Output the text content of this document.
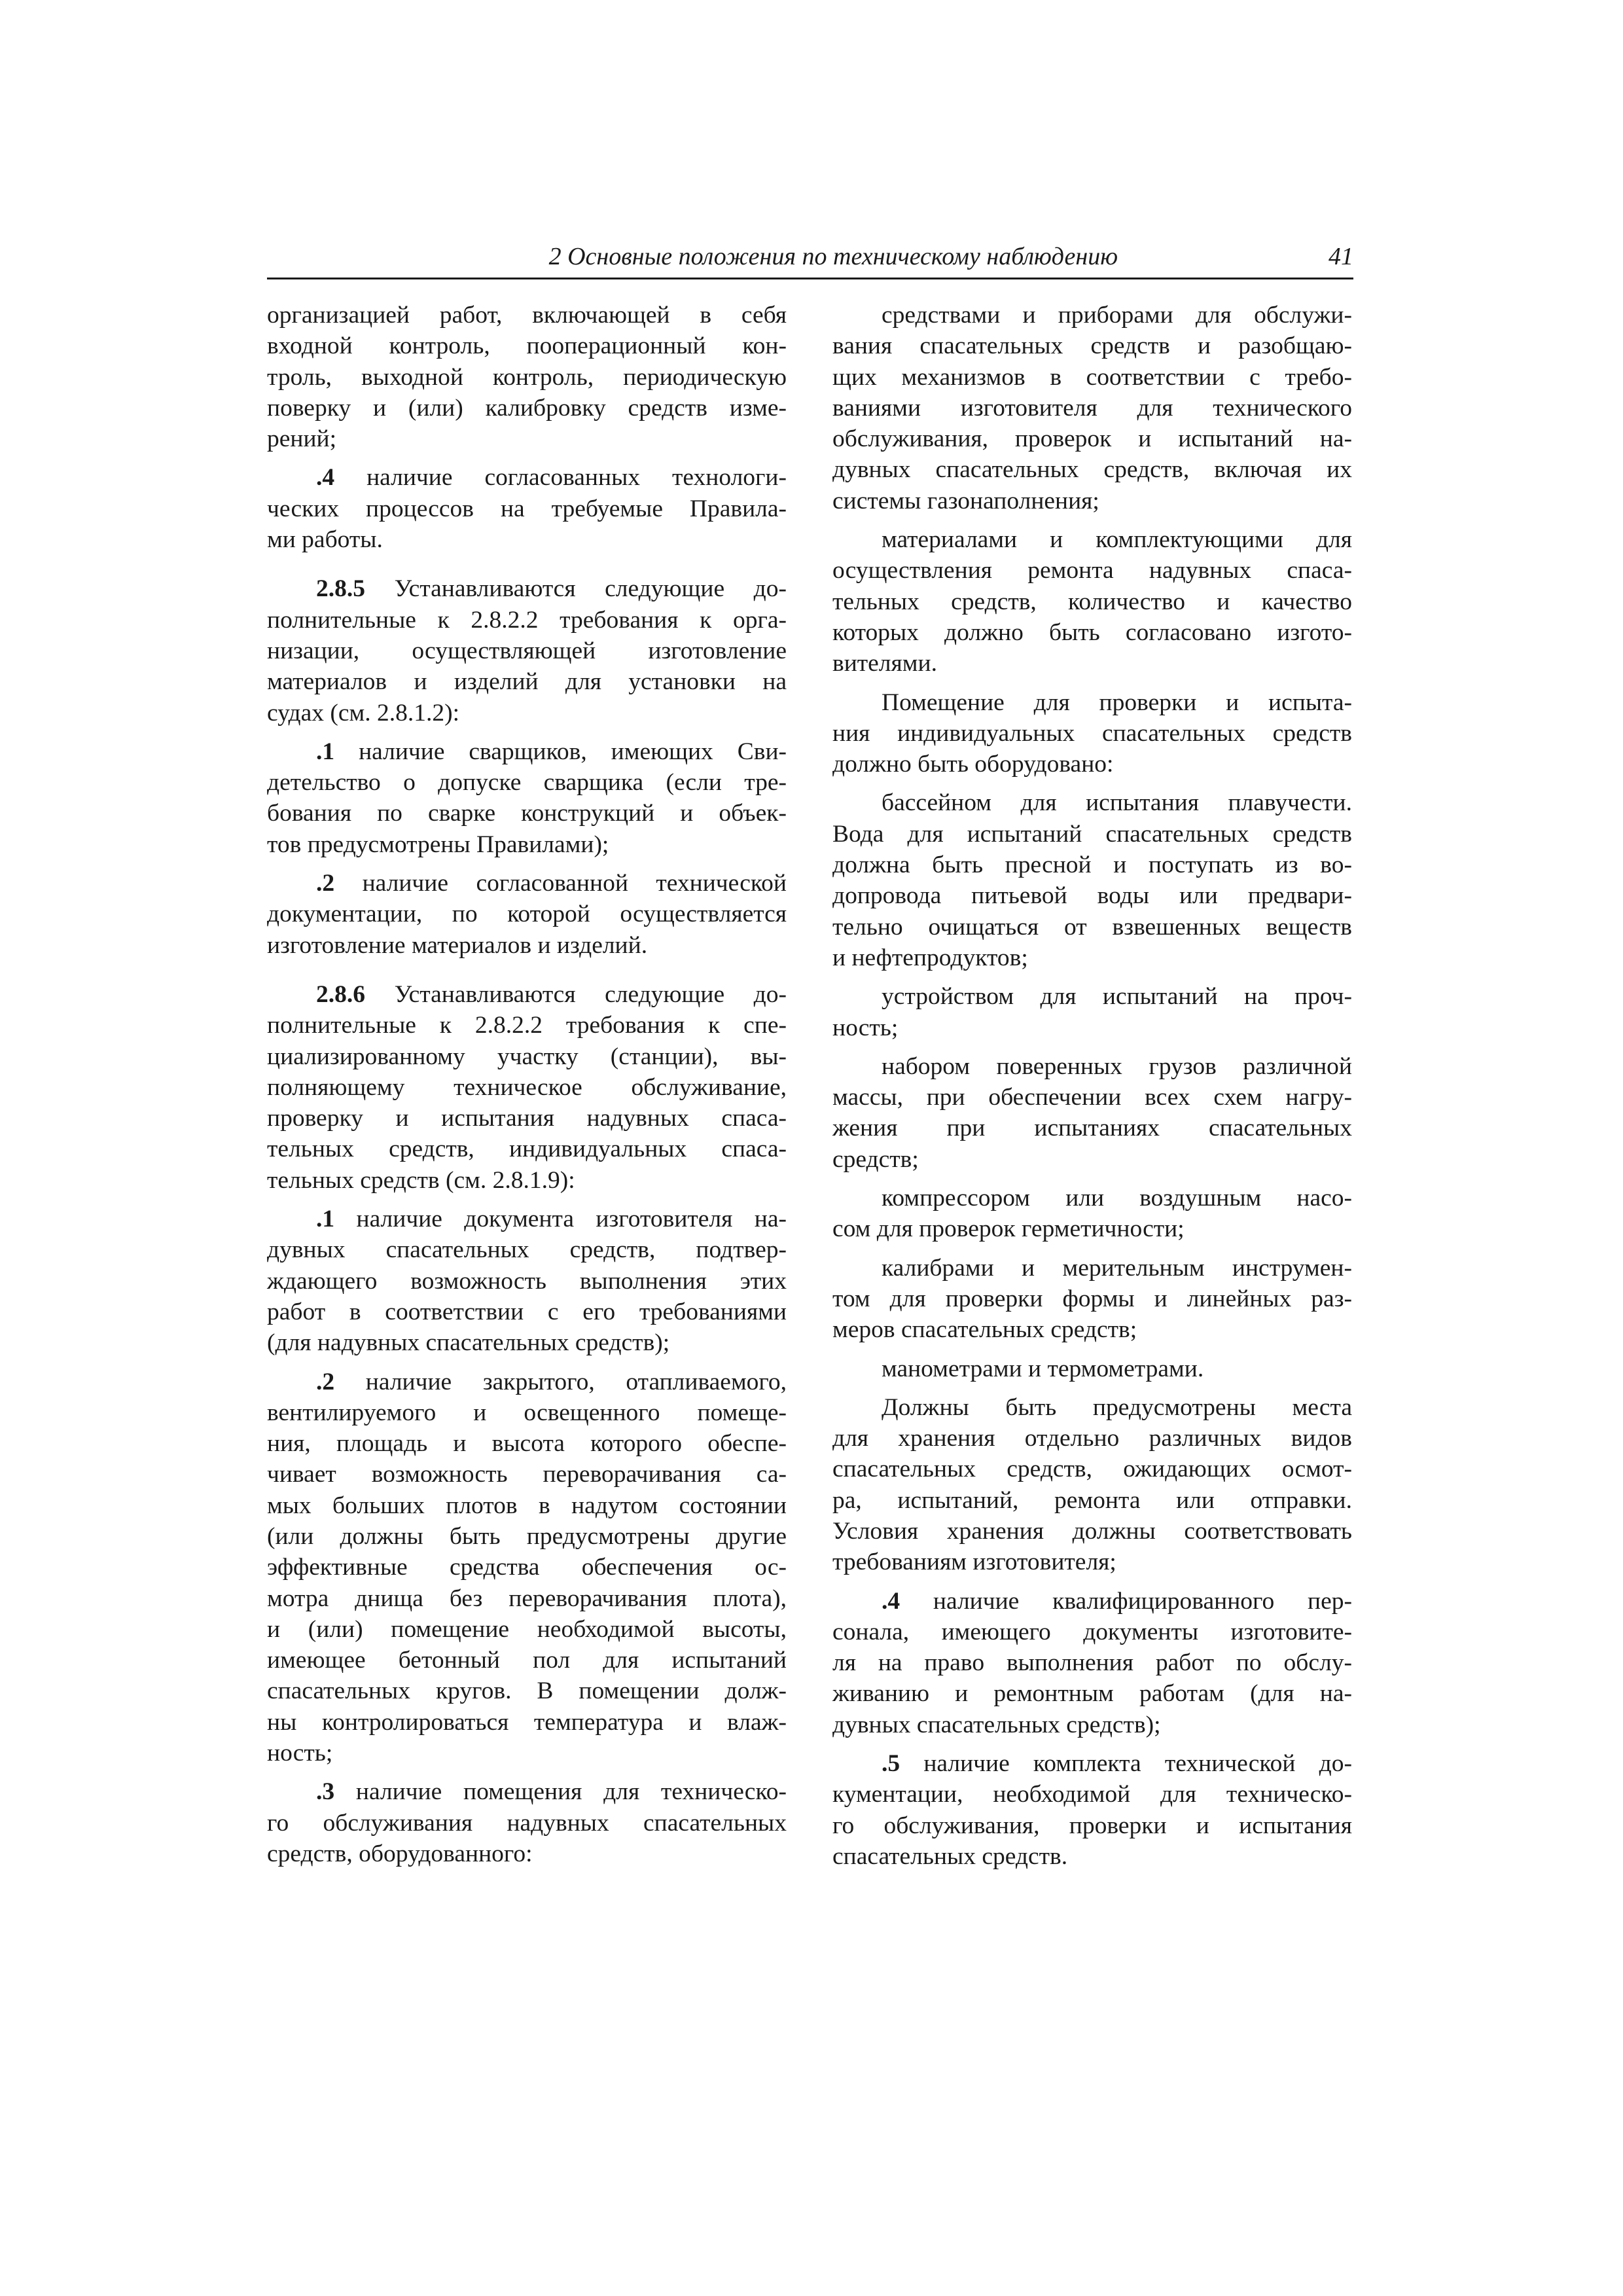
2 Основные положения по техническому наблюдению	41
организацией работ, включающей в себя
входной контроль, пооперационный кон-
троль, выходной контроль, периодическую
поверку и (или) калибровку средств изме-
рений;
.4 наличие согласованных технологи-
ческих процессов на требуемые Правила-
ми работы.
2.8.5 Устанавливаются следующие до-
полнительные к 2.8.2.2 требования к орга-
низации, осуществляющей изготовление
материалов и изделий для установки на
судах (см. 2.8.1.2):
.1 наличие сварщиков, имеющих Сви-
детельство о допуске сварщика (если тре-
бования по сварке конструкций и объек-
тов предусмотрены Правилами);
.2 наличие согласованной технической
документации, по которой осуществляется
изготовление материалов и изделий.
2.8.6 Устанавливаются следующие до-
полнительные к 2.8.2.2 требования к спе-
циализированному участку (станции), вы-
полняющему техническое обслуживание,
проверку и испытания надувных спаса-
тельных средств, индивидуальных спаса-
тельных средств (см. 2.8.1.9):
.1 наличие документа изготовителя на-
дувных спасательных средств, подтвер-
ждающего возможность выполнения этих
работ в соответствии с его требованиями
(для надувных спасательных средств);
.2 наличие закрытого, отапливаемого,
вентилируемого и освещенного помеще-
ния, площадь и высота которого обеспе-
чивает возможность переворачивания са-
мых больших плотов в надутом состоянии
(или должны быть предусмотрены другие
эффективные средства обеспечения ос-
мотра днища без переворачивания плота),
и (или) помещение необходимой высоты,
имеющее бетонный пол для испытаний
спасательных кругов. В помещении долж-
ны контролироваться температура и влаж-
ность;
.3 наличие помещения для техническо-
го обслуживания надувных спасательных
средств, оборудованного:
средствами и приборами для обслужи-
вания спасательных средств и разобщаю-
щих механизмов в соответствии с требо-
ваниями изготовителя для технического
обслуживания, проверок и испытаний на-
дувных спасательных средств, включая их
системы газонаполнения;
материалами и комплектующими для
осуществления ремонта надувных спаса-
тельных средств, количество и качество
которых должно быть согласовано изгото-
вителями.
Помещение для проверки и испыта-
ния индивидуальных спасательных средств
должно быть оборудовано:
бассейном для испытания плавучести.
Вода для испытаний спасательных средств
должна быть пресной и поступать из во-
допровода питьевой воды или предвари-
тельно очищаться от взвешенных веществ
и нефтепродуктов;
устройством для испытаний на проч-
ность;
набором поверенных грузов различной
массы, при обеспечении всех схем нагру-
жения при испытаниях спасательных
средств;
компрессором или воздушным насо-
сом для проверок герметичности;
калибрами и мерительным инструмен-
том для проверки формы и линейных раз-
меров спасательных средств;
манометрами и термометрами.
Должны быть предусмотрены места
для хранения отдельно различных видов
спасательных средств, ожидающих осмот-
ра, испытаний, ремонта или отправки.
Условия хранения должны соответствовать
требованиям изготовителя;
.4 наличие квалифицированного пер-
сонала, имеющего документы изготовите-
ля на право выполнения работ по обслу-
живанию и ремонтным работам (для на-
дувных спасательных средств);
.5 наличие комплекта технической до-
кументации, необходимой для техническо-
го обслуживания, проверки и испытания
спасательных средств.
